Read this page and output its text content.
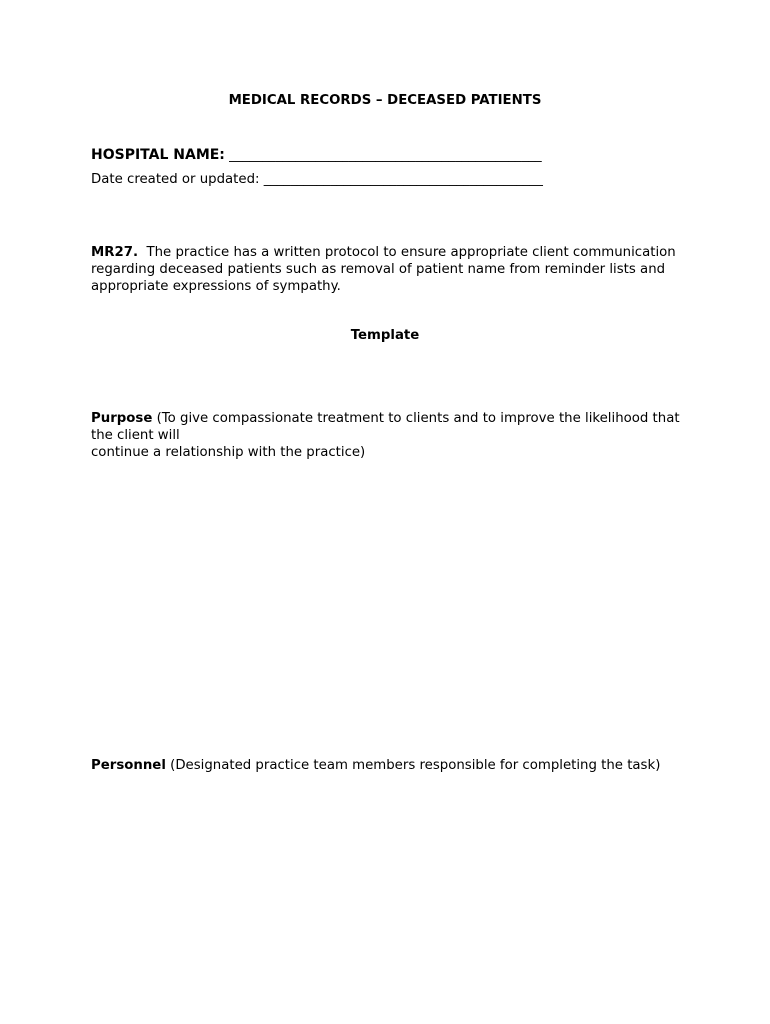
MEDICAL RECORDS – DECEASED PATIENTS
HOSPITAL NAME: _______________________________________________
Date created or updated: __________________________________________
MR27. The practice has a written protocol to ensure appropriate client communication regarding deceased patients such as removal of patient name from reminder lists and appropriate expressions of sympathy.
Template
Purpose (To give compassionate treatment to clients and to improve the likelihood that the client will
continue a relationship with the practice)
Personnel (Designated practice team members responsible for completing the task)
